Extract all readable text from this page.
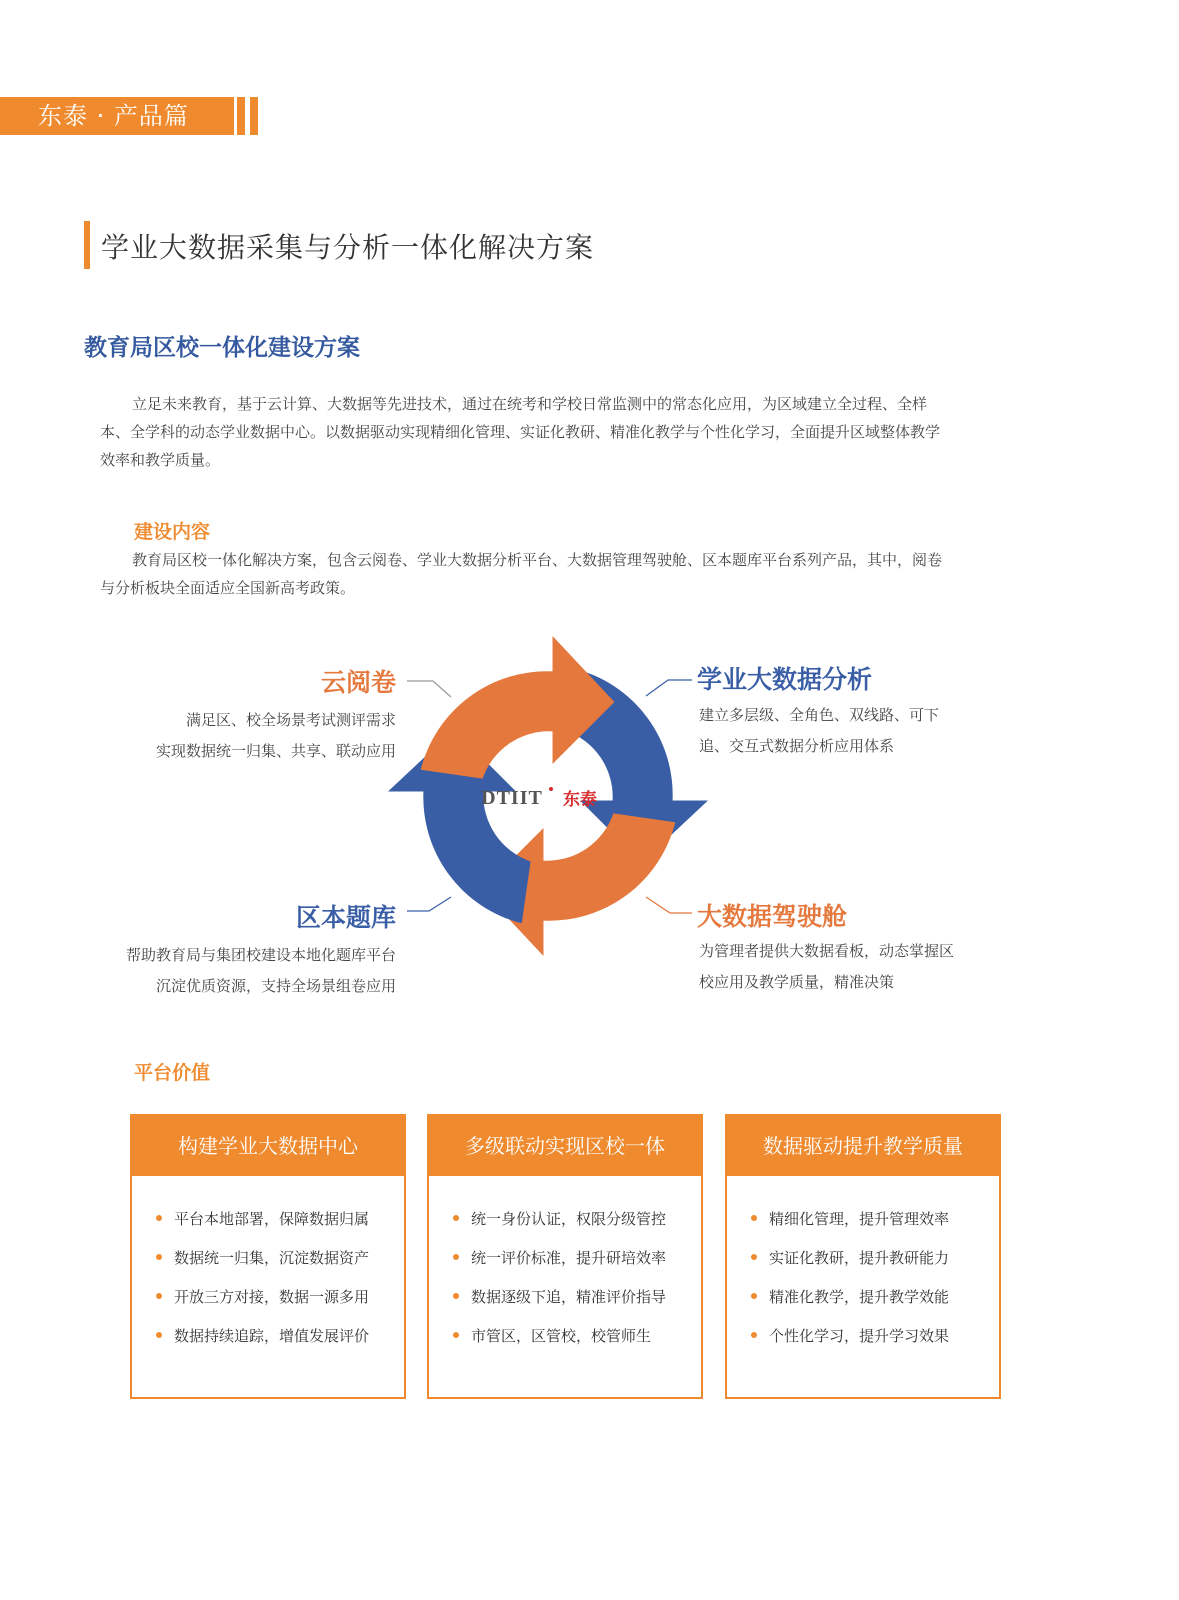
东泰 · 产品篇
学业大数据采集与分析一体化解决方案
教育局区校一体化建设方案
立足未来教育，基于云计算、大数据等先进技术，通过在统考和学校日常监测中的常态化应用，为区域建立全过程、全样
本、全学科的动态学业数据中心。以数据驱动实现精细化管理、实证化教研、精准化教学与个性化学习，全面提升区域整体教学
效率和教学质量。
建设内容
教育局区校一体化解决方案，包含云阅卷、学业大数据分析平台、大数据管理驾驶舱、区本题库平台系列产品，其中，阅卷
与分析板块全面适应全国新高考政策。
DTIIT 东泰
云阅卷
满足区、校全场景考试测评需求
实现数据统一归集、共享、联动应用
学业大数据分析
建立多层级、全角色、双线路、可下
追、交互式数据分析应用体系
区本题库
帮助教育局与集团校建设本地化题库平台
沉淀优质资源，支持全场景组卷应用
大数据驾驶舱
为管理者提供大数据看板，动态掌握区
校应用及教学质量，精准决策
平台价值
构建学业大数据中心
平台本地部署，保障数据归属
数据统一归集，沉淀数据资产
开放三方对接，数据一源多用
数据持续追踪，增值发展评价
多级联动实现区校一体
统一身份认证，权限分级管控
统一评价标准，提升研培效率
数据逐级下追，精准评价指导
市管区，区管校，校管师生
数据驱动提升教学质量
精细化管理，提升管理效率
实证化教研，提升教研能力
精准化教学，提升教学效能
个性化学习，提升学习效果
